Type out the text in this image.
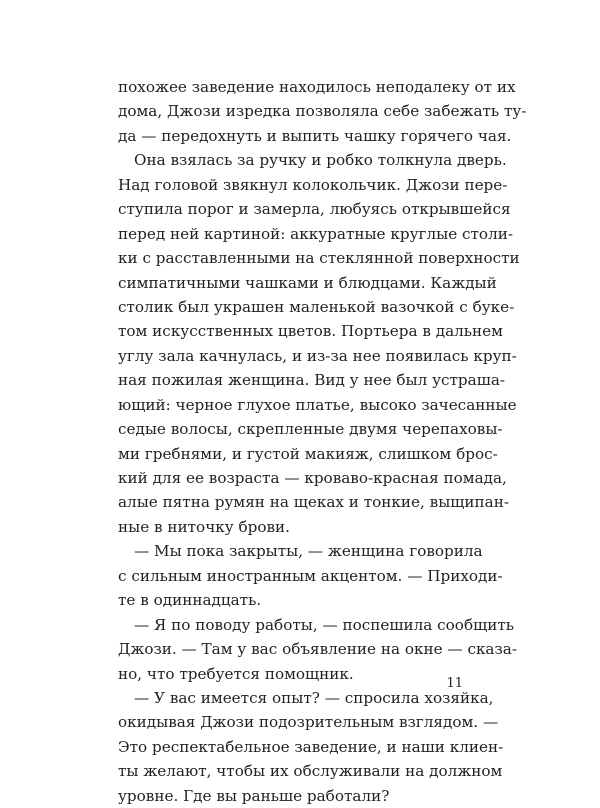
похожее заведение находилось неподалеку от их
дома, Джози изредка позволяла себе забежать ту-
да — передохнуть и выпить чашку горячего чая.
Она взялась за ручку и робко толкнула дверь.
Над головой звякнул колокольчик. Джози пере-
ступила порог и замерла, любуясь открывшейся
перед ней картиной: аккуратные круглые столи-
ки с расставленными на стеклянной поверхности
симпатичными чашками и блюдцами. Каждый
столик был украшен маленькой вазочкой с буке-
том искусственных цветов. Портьера в дальнем
углу зала качнулась, и из-за нее появилась круп-
ная пожилая женщина. Вид у нее был устраша-
ющий: черное глухое платье, высоко зачесанные
седые волосы, скрепленные двумя черепаховы-
ми гребнями, и густой макияж, слишком брос-
кий для ее возраста — кроваво-красная помада,
алые пятна румян на щеках и тонкие, выщипан-
ные в ниточку брови.
— Мы пока закрыты, — женщина говорила
с сильным иностранным акцентом. — Приходи-
те в одиннадцать.
— Я по поводу работы, — поспешила сообщить
Джози. — Там у вас объявление на окне — сказа-
но, что требуется помощник.
— У вас имеется опыт? — спросила хозяйка,
окидывая Джози подозрительным взглядом. —
Это респектабельное заведение, и наши клиен-
ты желают, чтобы их обслуживали на должном
уровне. Где вы раньше работали?
11
